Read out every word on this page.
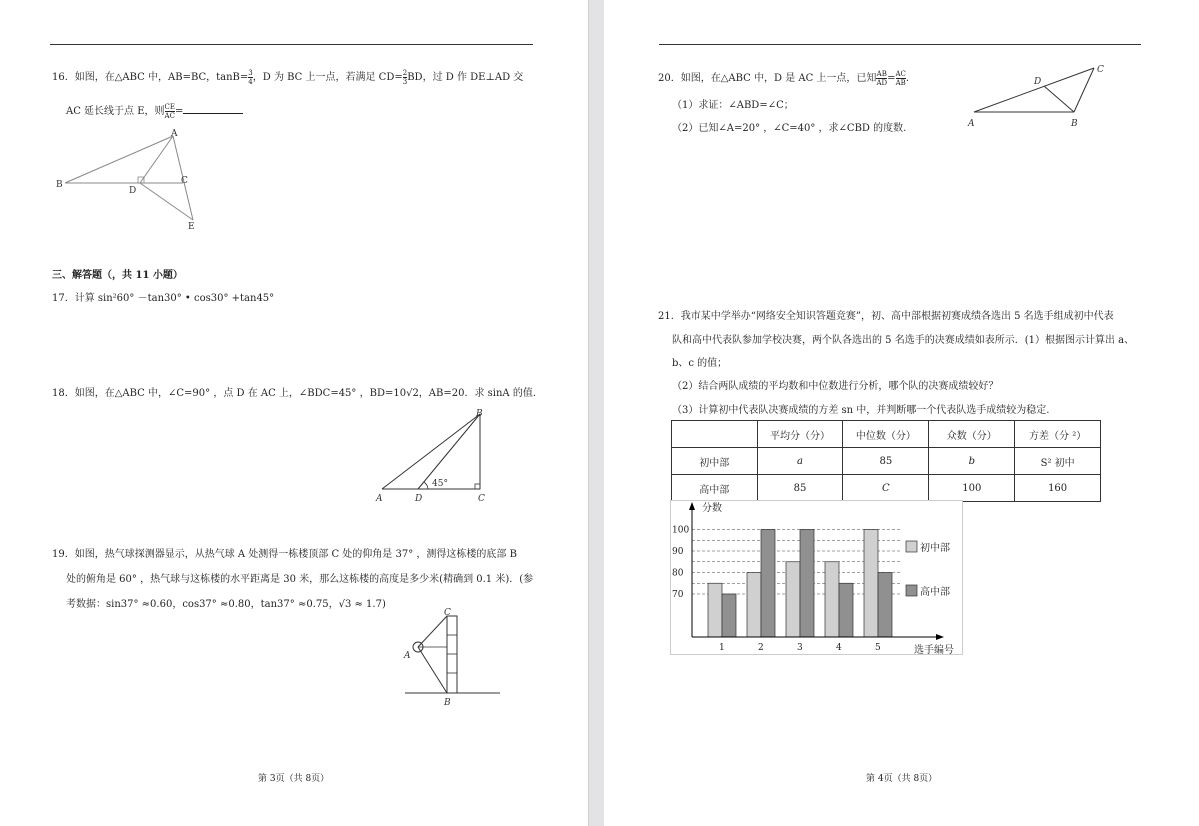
16．如图，在△ABC 中，AB=BC，$\tan B= \frac{3}{4}$ ，D 为 BC 上一点，若满足 $CD= \frac{2}{3}$ BD，过 D 作 DE⊥AD 交
AC 延长线于点 E，则 $\frac{CE}{AC}$ =
A
B	C
D
E
三、解答题（，共 11 小题）
17．计算 sin²60° －tan30° • cos30° +tan45°
18．如图，在△ABC 中，∠C=90° ，点 D 在 AC 上，∠BDC=45° ，BD=10√2，AB=20．求 sinA 的值．
45°
A
B
C
D
19．如图，热气球探测器显示，从热气球 A 处测得一栋楼顶部 C 处的仰角是 37° ，测得这栋楼的底部 B
处的俯角是 60° ，热气球与这栋楼的水平距离是 30 米，那么这栋楼的高度是多少米(精确到 0.1 米)．(参
考数据：sin37° ≈0.60，cos37° ≈0.80，tan37° ≈0.75，√3 ≈ 1.7)
C
A
B
第 3页（共 8页）
20．如图，在△ABC 中，D 是 AC 上一点，已知 $\frac{AB}{AD} = \frac{AC}{AB}$ .
（1）求证：∠ABD=∠C；
（2）已知∠A=20° ，∠C=40° ，求∠CBD 的度数.	A	B
C
D
21．我市某中学举办“网络安全知识答题竞赛”，初、高中部根据初赛成绩各选出 5 名选手组成初中代表
队和高中代表队参加学校决赛，两个队各选出的 5 名选手的决赛成绩如表所示．(1）根据图示计算出 a、
b、c 的值；
（2）结合两队成绩的平均数和中位数进行分析，哪个队的决赛成绩较好？
（3）计算初中代表队决赛成绩的方差 sn 中，并判断哪一个代表队选手成绩较为稳定.
	平均分（分）	中位数（分）	众数（分）	方差（分 ²）
初中部	a	85	b	S² 初中
高中部	85	C	100	160
分数
选手编号
70
80
90
100
1	2	3	4	5
初中部
高中部
第 4页（共 8页）
